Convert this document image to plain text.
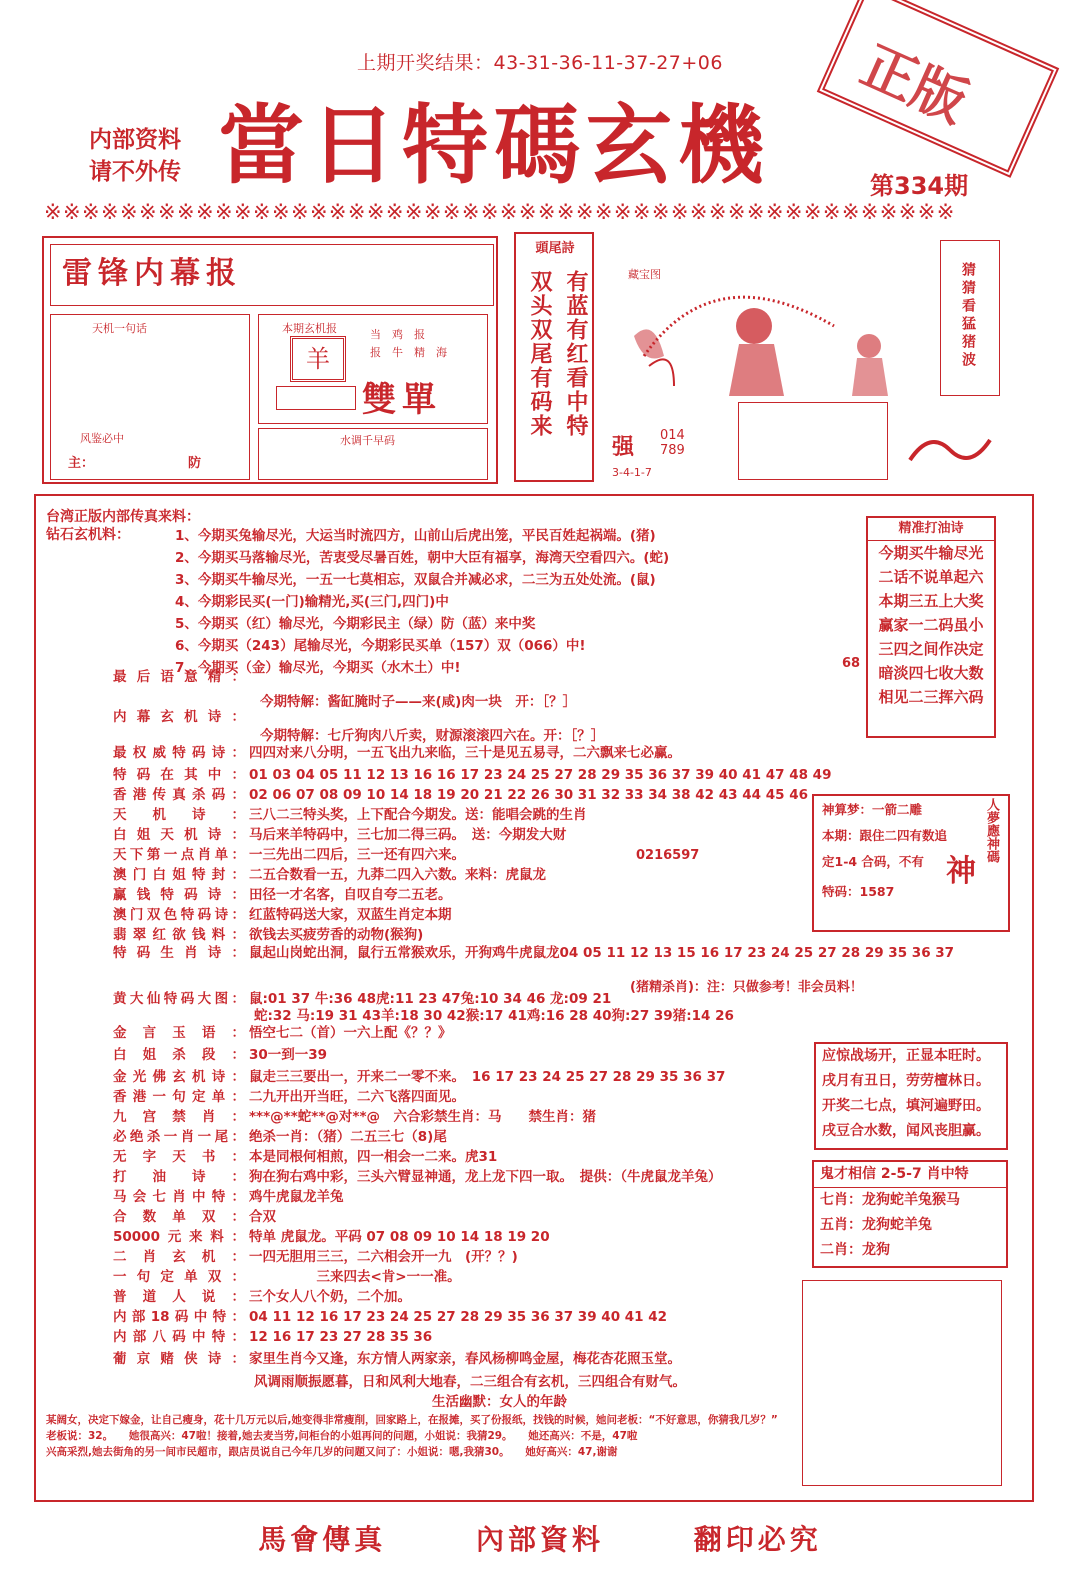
上期开奖结果：43-31-36-11-37-27+06	正版
内部资料
请不外传 當日特碼玄機	第334期
※※※※※※※※※※※※※※※※※※※※※※※※※※※※※※※※※※※※※※※※※※※※※※※※
雷锋内幕报
天机一句话
风鉴必中
主：	防
本期玄机报
羊
当　鸡　报
报　牛　精　海
雙單
水调千早码
頭尾詩
有蓝有红看中特
双头双尾有码来	藏宝图	猜猜看猛猪波
强 014
789
3-4-1-7
台湾正版内部传真来料：
钻石玄机料：	1、今期买兔输尽光，大运当时流四方，山前山后虎出笼，平民百姓起祸端。(猪)
2、今期买马落输尽光，苦衷受尽暑百姓，朝中大臣有福享，海湾天空看四六。(蛇)
3、今期买牛输尽光，一五一七莫相忘，双鼠合并减必求，二三为五处处流。(鼠)
4、今期彩民买(一门)输精光,买(三门,四门)中
5、今期买（红）输尽光，今期彩民主（绿）防（蓝）来中奖
6、今期买（243）尾输尽光，今期彩民买单（157）双（066）中!
7、今期买（金）输尽光，今期买（水木土）中!	68
最后语意精：
今期特解：酱缸腌时子——来(咸)肉一块　开：［？］
内幕玄机诗：
今期特解：七斤狗肉八斤卖，财源滚滚四六在。开：［？］
最权威特码诗： 四四对来八分明，一五飞出九来临，三十是见五易寻，二六飘来七必赢。
特码在其中： 01 03 04 05 11 12 13 16 16 17 23 24 25 27 28 29 35 36 37 39 40 41 47 48 49
香港传真杀码： 02 06 07 08 09 10 14 18 19 20 21 22 26 30 31 32 33 34 38 42 43 44 45 46
天机诗： 三八二三特头奖，上下配合今期发。送：能唱会跳的生肖
白姐天机诗： 马后来羊特码中，三七加二得三码。　送：今期发大财
天下第一点肖单： 一三先出二四后，三一还有四六来。	0216597
澳门白姐特封： 二五合数看一五，九莽二四入六数。来料：虎鼠龙
赢钱特码诗： 田径一才名客，自叹自夸二五老。
澳门双色特码诗： 红蓝特码送大家，双蓝生肖定本期
翡翠红欲钱料： 欲钱去买疲劳香的动物(猴狗)
特码生肖诗： 鼠起山岗蛇出洞，鼠行五常猴欢乐，开狗鸡牛虎鼠龙04 05 11 12 13 15 16 17 23 24 25 27 28 29 35 36 37
(猪精杀肖)：注：只做参考！非会员料！
黄大仙特码大图： 鼠:01 37 牛:36 48虎:11 23 47兔:10 34 46 龙:09 21
蛇:32 马:19 31 43羊:18 30 42猴:17 41鸡:16 28 40狗:27 39猪:14 26
金言玉语： 悟空七二（首）一六上配《？？》
白姐杀段： 30一到一39
金光佛玄机诗： 鼠走三三要出一，开来二一零不来。　16 17 23 24 25 27 28 29 35 36 37
香港一句定单： 二九开出开当旺，二六飞落四面见。
九宫禁肖： ***@**蛇**@对**@　六合彩禁生肖：马　　禁生肖：猪
必绝杀一肖一尾： 绝杀一肖：（猪）二五三七（8)尾
无字天书： 本是同根何相煎，四一相会一二来。虎31
打油诗： 狗在狗右鸡中彩，三头六臂显神通，龙上龙下四一取。　提供：（牛虎鼠龙羊兔）
马会七肖中特： 鸡牛虎鼠龙羊兔
合数单双： 合双
50000元来料： 特单 虎鼠龙。平码 07 08 09 10 14 18 19 20
二肖玄机： 一四无胆用三三，二六相会开一九　(开？？)
一句定单双：　　　　　三来四去<肯>一一准。
普道人说： 三个女人八个奶，二个加。
内部18码中特： 04 11 12 16 17 23 24 25 27 28 29 35 36 37 39 40 41 42
内部八码中特： 12 16 17 23 27 28 35 36
葡京赌侠诗： 家里生肖今又逢，东方情人两家亲，春风杨柳鸣金屋，梅花杏花照玉堂。
风调雨顺振愿暮，日和风利大地春，二三组合有玄机，三四组合有财气。
生活幽默：女人的年龄
某阔女，决定下嫁金，让自己瘦身，花十几万元以后,她变得非常瘦削，回家路上，在报摊，买了份报纸，找钱的时候，她问老板：“不好意思，你猜我几岁？”
老板说：32。　　她很高兴：47啦！接着,她去麦当劳,问柜台的小姐再问的问题，小姐说：我猜29。　　她还高兴：不是，47啦
兴高采烈,她去街角的另一间市民超市，跟店员说自己今年几岁的问题又问了：小姐说：嗯,我猜30。　　她好高兴：47,谢谢
精准打油诗
今期买牛输尽光
二话不说单起六
本期三五上大奖
赢家一二码虽小
三四之间作决定
暗淡四七收大数
相见二三挥六码
神算梦：一箭二雕
本期：跟住二四有数追
定1-4 合码，不有
特码：1587
人夢應神碼
神
应惊战场开，正显本旺时。
戌月有丑日，劳劳檀林日。
开奖二七点，填河遍野田。
戌豆合水数，闻风丧胆赢。
鬼才相信 2-5-7 肖中特
七肖：龙狗蛇羊兔猴马
五肖：龙狗蛇羊兔
二肖：龙狗
馬會傳真	內部資料	翻印必究
